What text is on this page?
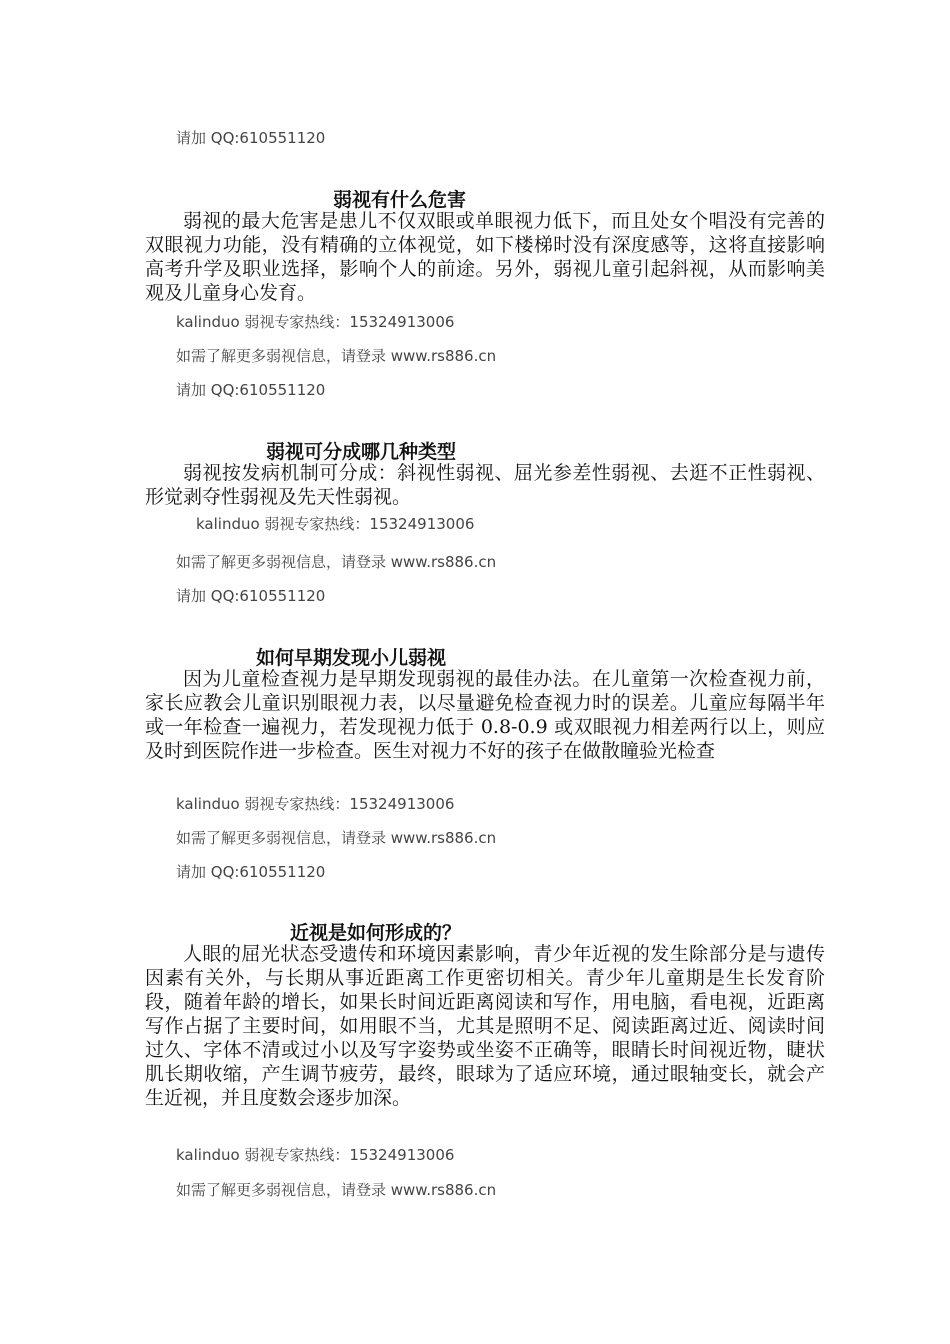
请加 QQ:610551120
弱视有什么危害

弱视的最大危害是患儿不仅双眼或单眼视力低下，而且处女个唱没有完善的双眼视力功能，没有精确的立体视觉，如下楼梯时没有深度感等，这将直接影响高考升学及职业选择，影响个人的前途。另外，弱视儿童引起斜视，从而影响美观及儿童身心发育。

kalinduo 弱视专家热线：15324913006
如需了解更多弱视信息，请登录 www.rs886.cn
请加 QQ:610551120
弱视可分成哪几种类型

弱视按发病机制可分成：斜视性弱视、屈光参差性弱视、去逛不正性弱视、形觉剥夺性弱视及先天性弱视。

kalinduo 弱视专家热线：15324913006
如需了解更多弱视信息，请登录 www.rs886.cn
请加 QQ:610551120
如何早期发现小儿弱视

因为儿童检查视力是早期发现弱视的最佳办法。在儿童第一次检查视力前，家长应教会儿童识别眼视力表，以尽量避免检查视力时的误差。儿童应每隔半年或一年检查一遍视力，若发现视力低于 0.8-0.9 或双眼视力相差两行以上，则应及时到医院作进一步检查。医生对视力不好的孩子在做散瞳验光检查

kalinduo 弱视专家热线：15324913006
如需了解更多弱视信息，请登录 www.rs886.cn
请加 QQ:610551120
近视是如何形成的？

人眼的屈光状态受遗传和环境因素影响，青少年近视的发生除部分是与遗传因素有关外，与长期从事近距离工作更密切相关。青少年儿童期是生长发育阶段，随着年龄的增长，如果长时间近距离阅读和写作，用电脑，看电视，近距离写作占据了主要时间，如用眼不当，尤其是照明不足、阅读距离过近、阅读时间过久、字体不清或过小以及写字姿势或坐姿不正确等，眼睛长时间视近物，睫状肌长期收缩，产生调节疲劳，最终，眼球为了适应环境，通过眼轴变长，就会产生近视，并且度数会逐步加深。

kalinduo 弱视专家热线：15324913006
如需了解更多弱视信息，请登录 www.rs886.cn
